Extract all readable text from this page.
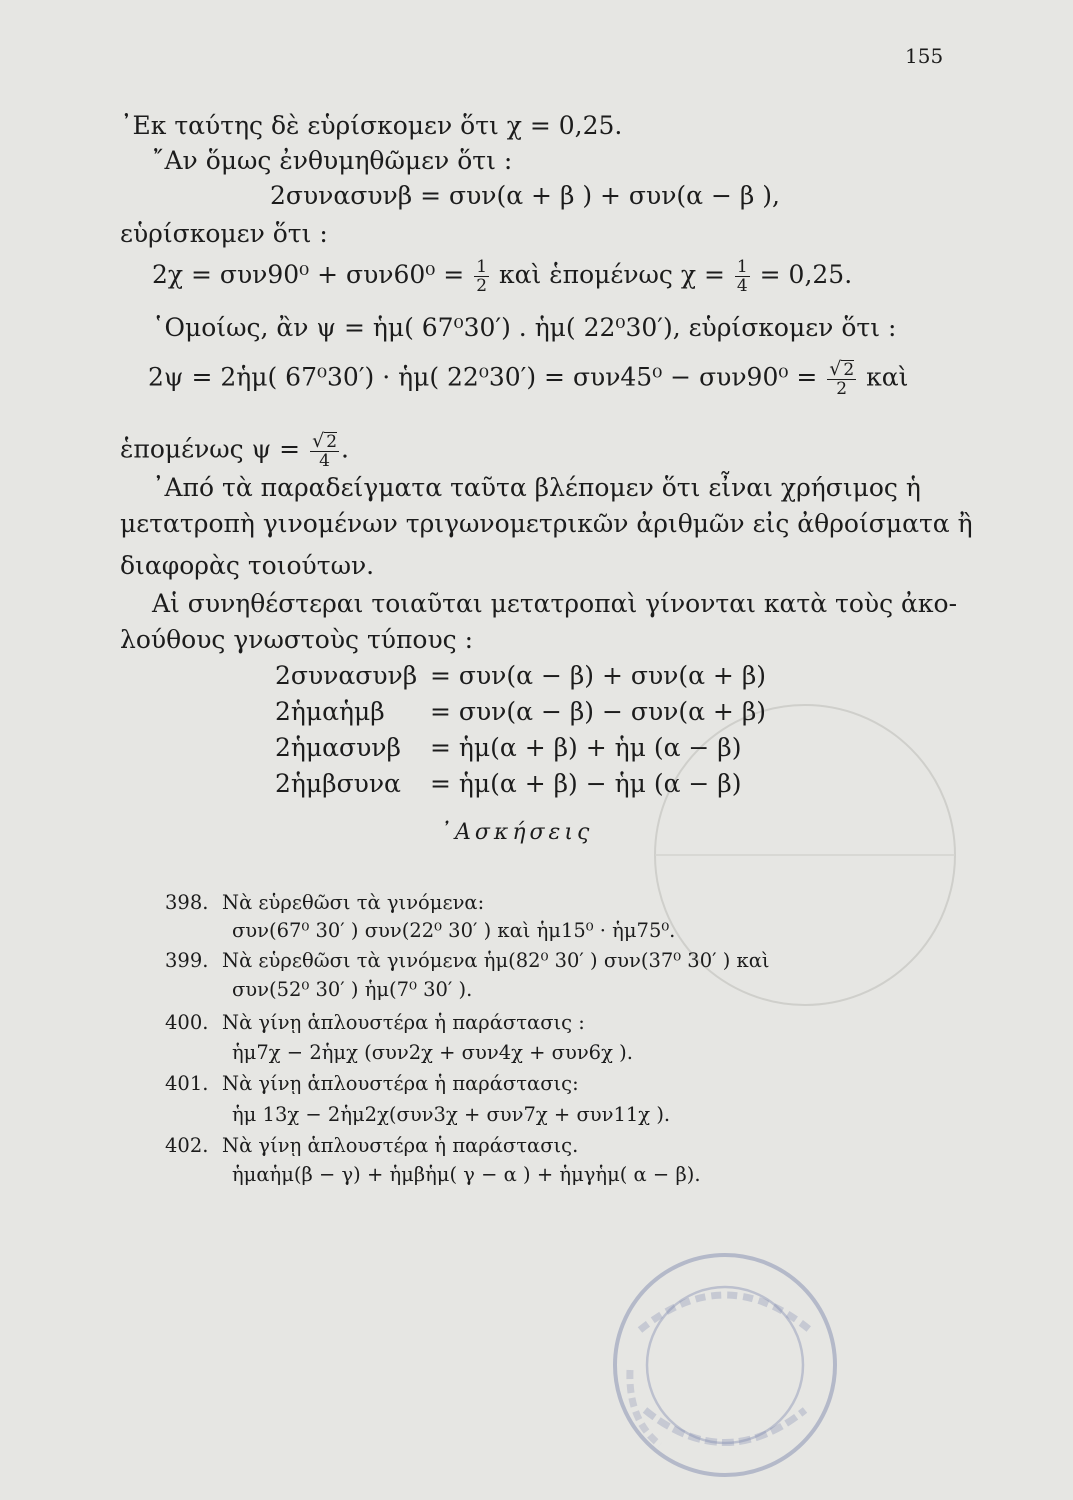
155
᾿Εκ ταύτης δὲ εὑρίσκομεν ὅτι χ = 0,25.
῎Αν ὅμως ἐνθυμηθῶμεν ὅτι :
2συνασυνβ = συν(α + β ) + συν(α − β ),
εὑρίσκομεν ὅτι :
$2\chi = \sigma\upsilon\nu 90^0 + \sigma\upsilon\nu 60^0 = \frac{1}{2}$ καὶ ἑπομένως $\chi = \frac{1}{4} = 0,25$.
῾Ομοίως, ἂν ψ = ἡμ( 67⁰30′) . ἡμ( 22⁰30′), εὑρίσκομεν ὅτι :
2ψ = 2ἡμ( 67⁰30′) · ἡμ( $22^030') = \sigma\upsilon\nu 45^0 - \sigma\upsilon\nu 90^0 = \frac{√ 2}{2}$ καὶ
ἑπομένως $\psi = \frac{√ 2}{4}$ .
᾿Από τὰ παραδείγματα ταῦτα βλέπομεν ὅτι εἶναι χρήσιμος ἡ
μετατροπὴ γινομένων τριγωνομετρικῶν ἀριθμῶν εἰς ἀθροίσματα ἢ
διαφορὰς τοιούτων.
Αἱ συνηθέστεραι τοιαῦται μετατροπαὶ γίνονται κατὰ τοὺς ἀκο-
λούθους γνωστοὺς τύπους :
2συνασυνβ = συν(α − β) + συν(α + β)
2ἡμαἡμβ = συν(α − β) − συν(α + β)
2ἡμασυνβ = ἡμ(α + β) + ἡμ (α − β)
2ἡμβσυνα = ἡμ(α + β) − ἡμ (α − β)
᾿Ασκήσεις
398. Νὰ εὑρεθῶσι τὰ γινόμενα:
συν(67⁰ 30′ ) συν(22⁰ 30′ ) καὶ ἡμ15⁰ · ἡμ75⁰.
399. Νὰ εὑρεθῶσι τὰ γινόμενα ἡμ(82⁰ 30′ ) συν(37⁰ 30′ ) καὶ
συν(52⁰ 30′ ) ἡμ(7⁰ 30′ ).
400. Νὰ γίνῃ ἁπλουστέρα ἡ παράστασις :
ἡμ7χ − 2ἡμχ (συν2χ + συν4χ + συν6χ ).
401. Νὰ γίνῃ ἁπλουστέρα ἡ παράστασις:
ἡμ 13χ − 2ἡμ2χ(συν3χ + συν7χ + συν11χ ).
402. Νὰ γίνῃ ἁπλουστέρα ἡ παράστασις.
ἡμαἡμ(β − γ) + ἡμβἡμ( γ − α ) + ἡμγἡμ( α − β).
